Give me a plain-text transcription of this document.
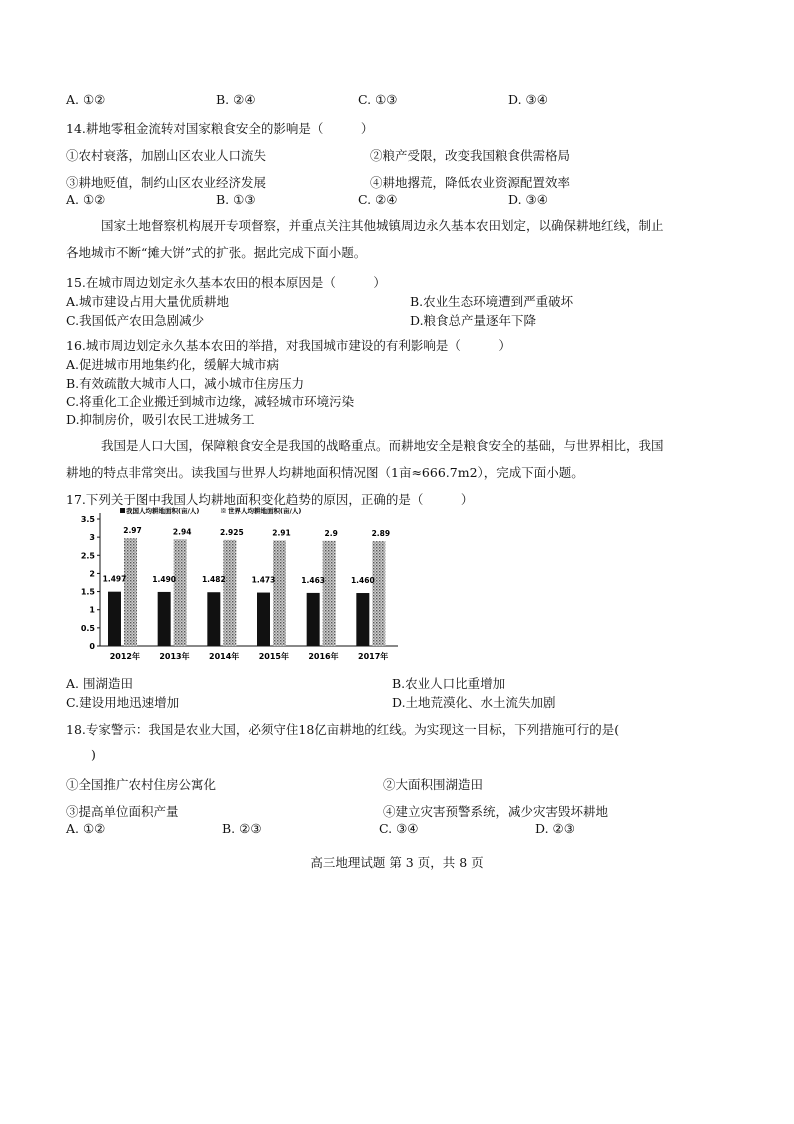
A. ①②	B. ②④	C. ①③	D. ③④
14.耕地零租金流转对国家粮食安全的影响是（　　　）
①农村衰落，加剧山区农业人口流失	②粮产受限，改变我国粮食供需格局
③耕地贬值，制约山区农业经济发展	④耕地撂荒，降低农业资源配置效率
A. ①②	B. ①③	C. ②④	D. ③④
国家土地督察机构展开专项督察，并重点关注其他城镇周边永久基本农田划定，以确保耕地红线，制止各地城市不断“摊大饼”式的扩张。据此完成下面小题。
15.在城市周边划定永久基本农田的根本原因是（　　　）
A.城市建设占用大量优质耕地	B.农业生态环境遭到严重破坏
C.我国低产农田急剧减少	D.粮食总产量逐年下降
16.城市周边划定永久基本农田的举措，对我国城市建设的有利影响是（　　　）
A.促进城市用地集约化，缓解大城市病
B.有效疏散大城市人口，减小城市住房压力
C.将重化工企业搬迁到城市边缘，减轻城市环境污染
D.抑制房价，吸引农民工进城务工
我国是人口大国，保障粮食安全是我国的战略重点。而耕地安全是粮食安全的基础，与世界相比，我国耕地的特点非常突出。读我国与世界人均耕地面积情况图（1亩≈666.7m2），完成下面小题。
17.下列关于图中我国人均耕地面积变化趋势的原因，正确的是（　　　）
0
0.5
1
1.5
2
2.5
3
3.5
1.497
2.97
2012年
1.490
2.94
2013年
1.482
2.925
2014年
1.473
2.91
2015年
1.463
2.9
2016年
1.460
2.89
2017年
我国人均耕地面积(亩/人)	世界人均耕地面积(亩/人)
A. 围湖造田	B.农业人口比重增加
C.建设用地迅速增加	D.土地荒漠化、水土流失加剧
18.专家警示：我国是农业大国，必须守住18亿亩耕地的红线。为实现这一目标，下列措施可行的是(
)
①全国推广农村住房公寓化	②大面积围湖造田
③提高单位面积产量	④建立灾害预警系统，减少灾害毁坏耕地
A. ①②	B. ②③	C. ③④	D. ②③
高三地理试题 第 3 页，共 8 页
